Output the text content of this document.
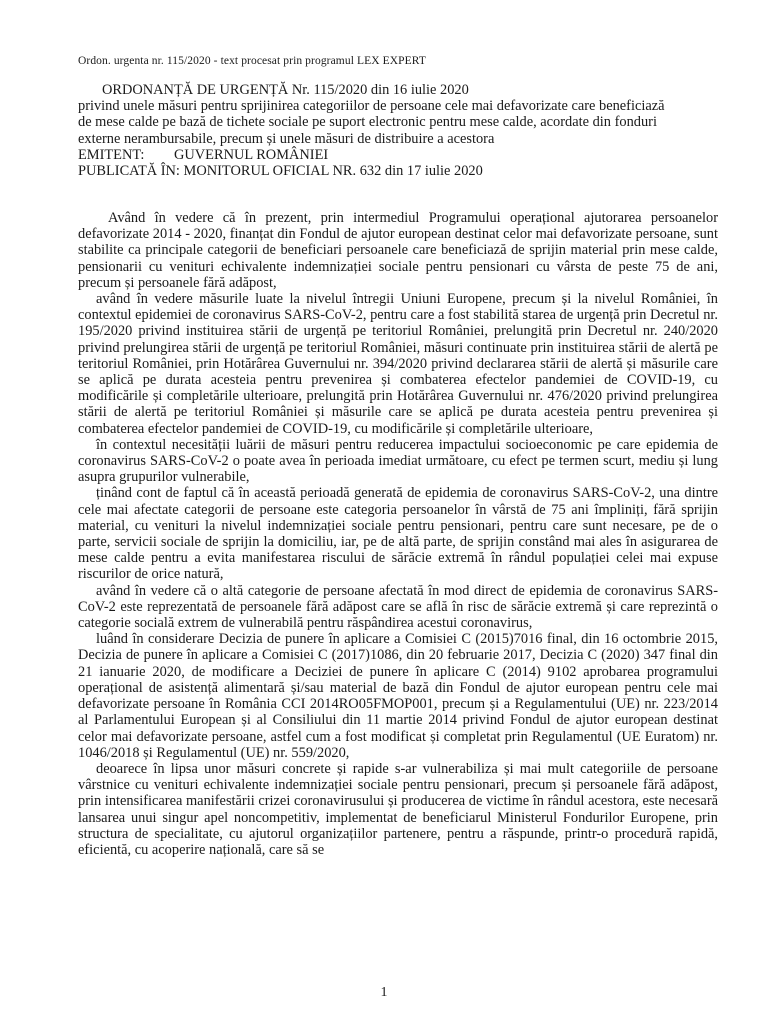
Ordon. urgenta nr. 115/2020 - text procesat prin programul LEX EXPERT
ORDONANȚĂ DE URGENȚĂ Nr. 115/2020 din 16 iulie 2020
privind unele măsuri pentru sprijinirea categoriilor de persoane cele mai defavorizate care beneficiază
de mese calde pe bază de tichete sociale pe suport electronic pentru mese calde, acordate din fonduri
externe nerambursabile, precum și unele măsuri de distribuire a acestora
EMITENT: GUVERNUL ROMÂNIEI
PUBLICATĂ ÎN: MONITORUL OFICIAL NR. 632 din 17 iulie 2020

Având în vedere că în prezent, prin intermediul Programului operațional ajutorarea persoanelor defavorizate 2014 - 2020, finanțat din Fondul de ajutor european destinat celor mai defavorizate persoane, sunt stabilite ca principale categorii de beneficiari persoanele care beneficiază de sprijin material prin mese calde, pensionarii cu venituri echivalente indemnizației sociale pentru pensionari cu vârsta de peste 75 de ani, precum și persoanele fără adăpost,

având în vedere măsurile luate la nivelul întregii Uniuni Europene, precum și la nivelul României, în contextul epidemiei de coronavirus SARS-CoV-2, pentru care a fost stabilită starea de urgență prin Decretul nr. 195/2020 privind instituirea stării de urgență pe teritoriul României, prelungită prin Decretul nr. 240/2020 privind prelungirea stării de urgență pe teritoriul României, măsuri continuate prin instituirea stării de alertă pe teritoriul României, prin Hotărârea Guvernului nr. 394/2020 privind declararea stării de alertă și măsurile care se aplică pe durata acesteia pentru prevenirea și combaterea efectelor pandemiei de COVID-19, cu modificările și completările ulterioare, prelungită prin Hotărârea Guvernului nr. 476/2020 privind prelungirea stării de alertă pe teritoriul României și măsurile care se aplică pe durata acesteia pentru prevenirea și combaterea efectelor pandemiei de COVID-19, cu modificările și completările ulterioare,

în contextul necesității luării de măsuri pentru reducerea impactului socioeconomic pe care epidemia de coronavirus SARS-CoV-2 o poate avea în perioada imediat următoare, cu efect pe termen scurt, mediu și lung asupra grupurilor vulnerabile,

ținând cont de faptul că în această perioadă generată de epidemia de coronavirus SARS-CoV-2, una dintre cele mai afectate categorii de persoane este categoria persoanelor în vârstă de 75 ani împliniți, fără sprijin material, cu venituri la nivelul indemnizației sociale pentru pensionari, pentru care sunt necesare, pe de o parte, servicii sociale de sprijin la domiciliu, iar, pe de altă parte, de sprijin constând mai ales în asigurarea de mese calde pentru a evita manifestarea riscului de sărăcie extremă în rândul populației celei mai expuse riscurilor de orice natură,

având în vedere că o altă categorie de persoane afectată în mod direct de epidemia de coronavirus SARS-CoV-2 este reprezentată de persoanele fără adăpost care se află în risc de sărăcie extremă și care reprezintă o categorie socială extrem de vulnerabilă pentru răspândirea acestui coronavirus,

luând în considerare Decizia de punere în aplicare a Comisiei C (2015)7016 final, din 16 octombrie 2015, Decizia de punere în aplicare a Comisiei C (2017)1086, din 20 februarie 2017, Decizia C (2020) 347 final din 21 ianuarie 2020, de modificare a Deciziei de punere în aplicare C (2014) 9102 aprobarea programului operațional de asistență alimentară și/sau material de bază din Fondul de ajutor european pentru cele mai defavorizate persoane în România CCI 2014RO05FMOP001, precum și a Regulamentului (UE) nr. 223/2014 al Parlamentului European și al Consiliului din 11 martie 2014 privind Fondul de ajutor european destinat celor mai defavorizate persoane, astfel cum a fost modificat și completat prin Regulamentul (UE Euratom) nr. 1046/2018 și Regulamentul (UE) nr. 559/2020,

deoarece în lipsa unor măsuri concrete și rapide s-ar vulnerabiliza și mai mult categoriile de persoane vârstnice cu venituri echivalente indemnizației sociale pentru pensionari, precum și persoanele fără adăpost, prin intensificarea manifestării crizei coronavirusului și producerea de victime în rândul acestora, este necesară lansarea unui singur apel noncompetitiv, implementat de beneficiarul Ministerul Fondurilor Europene, prin structura de specialitate, cu ajutorul organizațiilor partenere, pentru a răspunde, printr-o procedură rapidă, eficientă, cu acoperire națională, care să se

1
